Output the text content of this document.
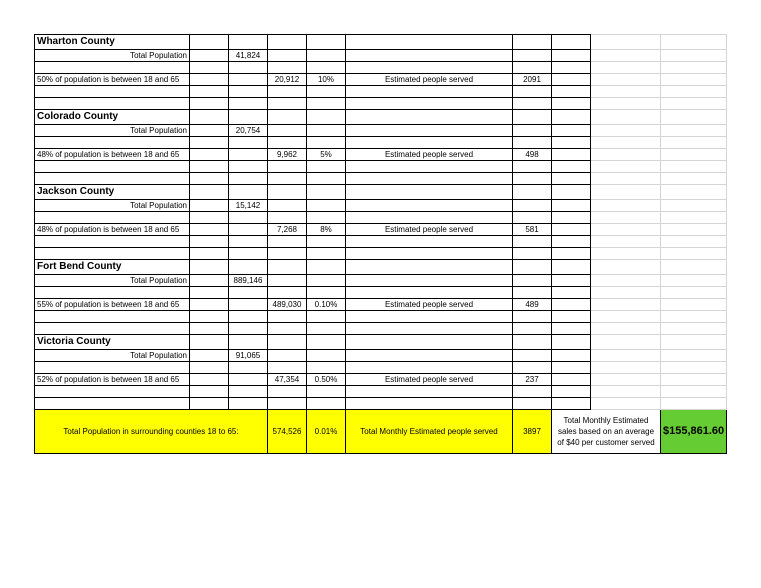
Wharton County									
Total Population		41,824							

50% of population is between 18 and 65			20,912	10%	Estimated people served	2091			

Colorado County									
Total Population		20,754							

48% of population is between 18 and 65			9,962	5%	Estimated people served	498			

Jackson County									
Total Population		15,142							

48% of population is between 18 and 65			7,268	8%	Estimated people served	581			

Fort Bend County									
Total Population		889,146							

55% of population is between 18 and 65			489,030	0.10%	Estimated people served	489			

Victoria County									
Total Population		91,065							

52% of population is between 18 and 65			47,354	0.50%	Estimated people served	237			

Total Population in surrounding counties 18 to 65:			574,526	0.01%	Total Monthly Estimated people served	3897	Total Monthly Estimated sales based on an average of $40 per customer served		$155,861.60
